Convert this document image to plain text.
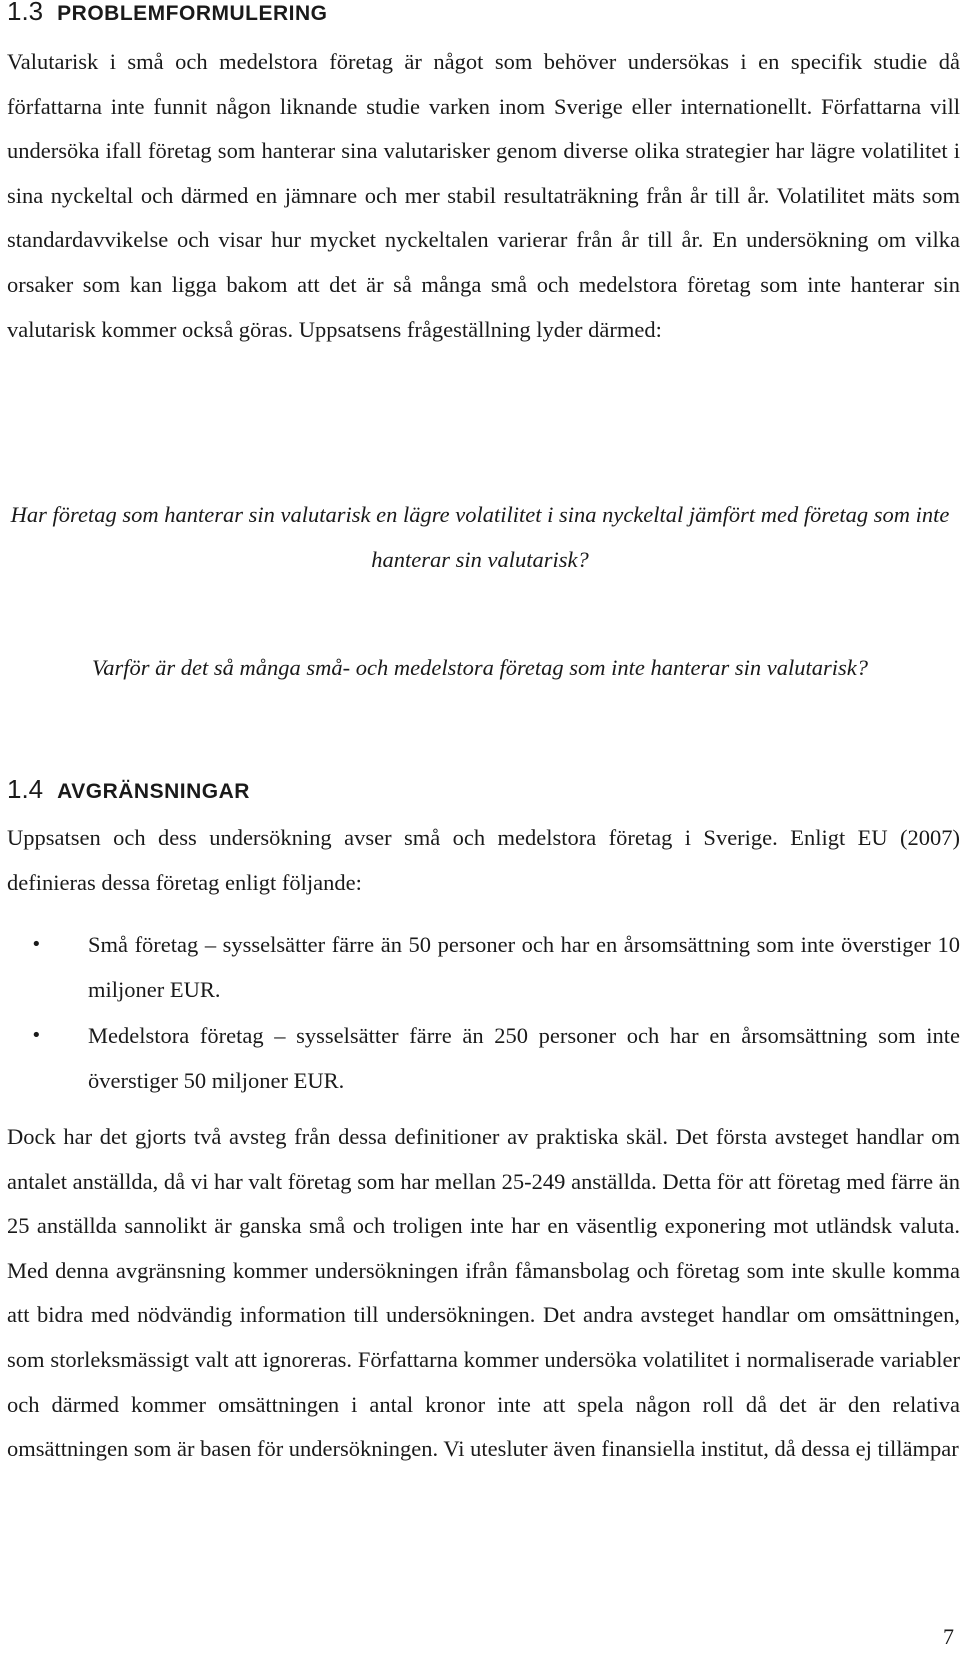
1.3 PROBLEMFORMULERING

Valutarisk i små och medelstora företag är något som behöver undersökas i en specifik studie då författarna inte funnit någon liknande studie varken inom Sverige eller internationellt. Författarna vill undersöka ifall företag som hanterar sina valutarisker genom diverse olika strategier har lägre volatilitet i sina nyckeltal och därmed en jämnare och mer stabil resultaträkning från år till år. Volatilitet mäts som standardavvikelse och visar hur mycket nyckeltalen varierar från år till år. En undersökning om vilka orsaker som kan ligga bakom att det är så många små och medelstora företag som inte hanterar sin valutarisk kommer också göras. Uppsatsens frågeställning lyder därmed:

Har företag som hanterar sin valutarisk en lägre volatilitet i sina nyckeltal jämfört med företag som inte hanterar sin valutarisk?

Varför är det så många små- och medelstora företag som inte hanterar sin valutarisk?

1.4 AVGRÄNSNINGAR

Uppsatsen och dess undersökning avser små och medelstora företag i Sverige. Enligt EU (2007) definieras dessa företag enligt följande:

•	Små företag – sysselsätter färre än 50 personer och har en årsomsättning som inte överstiger 10 miljoner EUR.
•	Medelstora företag – sysselsätter färre än 250 personer och har en årsomsättning som inte överstiger 50 miljoner EUR.

Dock har det gjorts två avsteg från dessa definitioner av praktiska skäl. Det första avsteget handlar om antalet anställda, då vi har valt företag som har mellan 25-249 anställda. Detta för att företag med färre än 25 anställda sannolikt är ganska små och troligen inte har en väsentlig exponering mot utländsk valuta. Med denna avgränsning kommer undersökningen ifrån fåmansbolag och företag som inte skulle komma att bidra med nödvändig information till undersökningen. Det andra avsteget handlar om omsättningen, som storleksmässigt valt att ignoreras. Författarna kommer undersöka volatilitet i normaliserade variabler och därmed kommer omsättningen i antal kronor inte att spela någon roll då det är den relativa omsättningen som är basen för undersökningen. Vi utesluter även finansiella institut, då dessa ej tillämpar

7
